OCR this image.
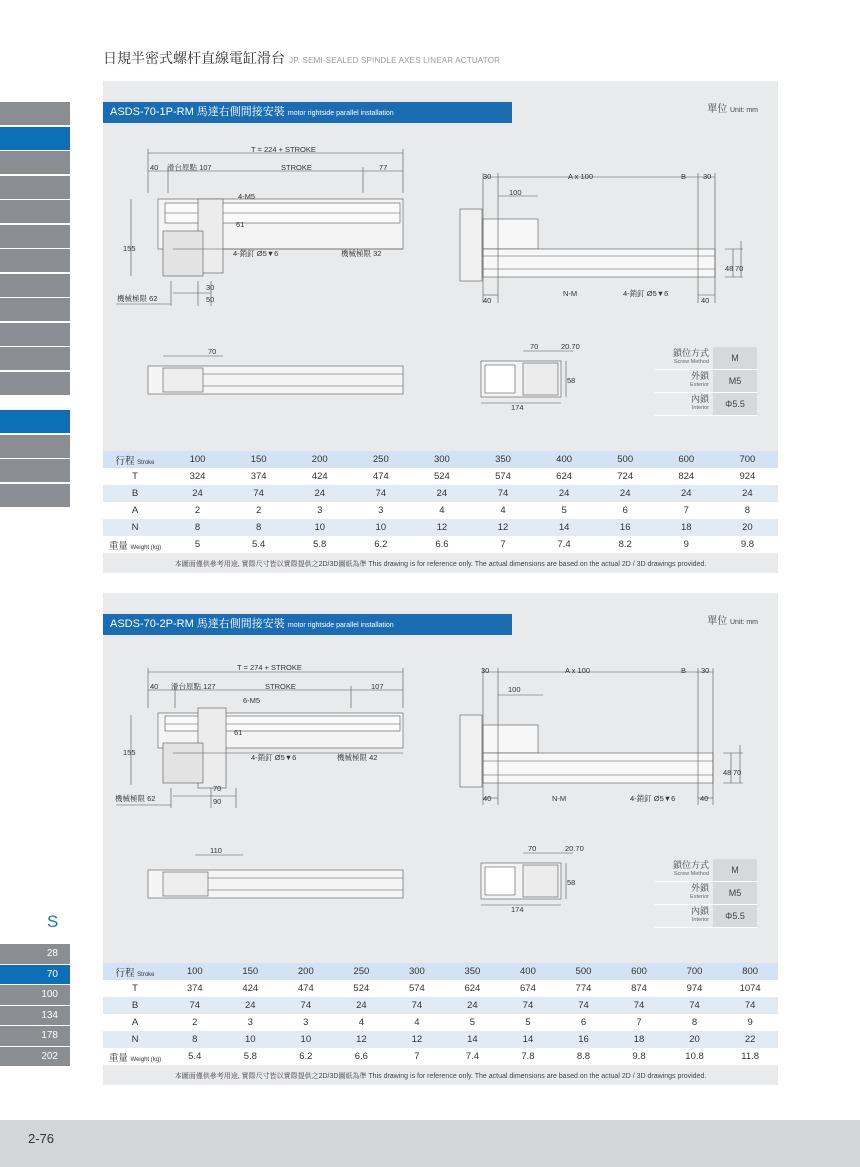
日規半密式螺杆直線電缸滑台 JP. SEMI-SEALED SPINDLE AXES LINEAR ACTUATOR
S
28
70
100
134
178
202
ASDS-70-1P-RM 馬達右側間接安裝 motor rightside parallel installation	單位 Unit: mm
T = 224 + STROKE
40 滑台原點 107	STROKE	77
4-M5
61
155
4-銷釘 Ø5▼6	機械極限 32
30
50
機械極限 62
30	A x 100	B 30
100
48 70
40
N-M	4-銷釘 Ø5▼6
40
70
70	20.70
58
174
鎖位方式
Screw Method	M
外鎖
Exterior	M5
內鎖
Interior	Φ5.5
行程 Stroke	100	150	200	250	300	350	400	500	600	700
T	324	374	424	474	524	574	624	724	824	924
B	24	74	24	74	24	74	24	24	24	24
A	2	2	3	3	4	4	5	6	7	8
N	8	8	10	10	12	12	14	16	18	20
重量 Weight (kg)	5	5.4	5.8	6.2	6.6	7	7.4	8.2	9	9.8
本圖面僅供參考用途, 實際尺寸皆以實際提供之2D/3D圖紙為準 This drawing is for reference only. The actual dimensions are based on the actual 2D / 3D drawings provided.
ASDS-70-2P-RM 馬達右側間接安裝 motor rightside parallel installation	單位 Unit: mm
T = 274 + STROKE
40 滑台原點 127	STROKE	107
6-M5
61
155
4-銷釘 Ø5▼6	機械極限 42
70
90
機械極限 62
30	A x 100	B 30
100
48 70
40	N-M	4-銷釘 Ø5▼6	40
110	70	20.70
58
174
鎖位方式
Screw Method	M
外鎖
Exterior	M5
內鎖
Interior	Φ5.5
行程 Stroke	100	150	200	250	300	350	400	500	600	700	800
T	374	424	474	524	574	624	674	774	874	974	1074
B	74	24	74	24	74	24	74	74	74	74	74
A	2	3	3	4	4	5	5	6	7	8	9
N	8	10	10	12	12	14	14	16	18	20	22
重量 Weight (kg)	5.4	5.8	6.2	6.6	7	7.4	7.8	8.8	9.8	10.8	11.8
本圖面僅供參考用途, 實際尺寸皆以實際提供之2D/3D圖紙為準 This drawing is for reference only. The actual dimensions are based on the actual 2D / 3D drawings provided.
2-76
